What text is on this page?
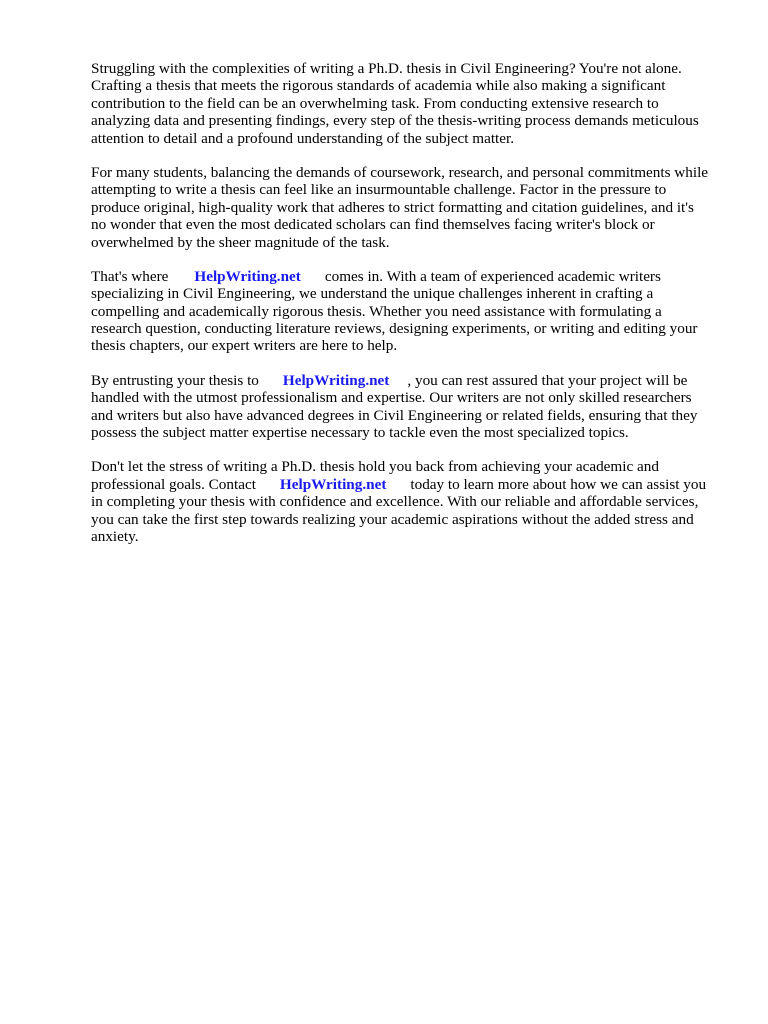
Struggling with the complexities of writing a Ph.D. thesis in Civil Engineering? You're not alone.
Crafting a thesis that meets the rigorous standards of academia while also making a significant
contribution to the field can be an overwhelming task. From conducting extensive research to
analyzing data and presenting findings, every step of the thesis-writing process demands meticulous
attention to detail and a profound understanding of the subject matter.
For many students, balancing the demands of coursework, research, and personal commitments while
attempting to write a thesis can feel like an insurmountable challenge. Factor in the pressure to
produce original, high-quality work that adheres to strict formatting and citation guidelines, and it's
no wonder that even the most dedicated scholars can find themselves facing writer's block or
overwhelmed by the sheer magnitude of the task.
That's where HelpWriting.net comes in. With a team of experienced academic writers
specializing in Civil Engineering, we understand the unique challenges inherent in crafting a
compelling and academically rigorous thesis. Whether you need assistance with formulating a
research question, conducting literature reviews, designing experiments, or writing and editing your
thesis chapters, our expert writers are here to help.
By entrusting your thesis to HelpWriting.net , you can rest assured that your project will be
handled with the utmost professionalism and expertise. Our writers are not only skilled researchers
and writers but also have advanced degrees in Civil Engineering or related fields, ensuring that they
possess the subject matter expertise necessary to tackle even the most specialized topics.
Don't let the stress of writing a Ph.D. thesis hold you back from achieving your academic and
professional goals. Contact HelpWriting.net today to learn more about how we can assist you
in completing your thesis with confidence and excellence. With our reliable and affordable services,
you can take the first step towards realizing your academic aspirations without the added stress and
anxiety.
